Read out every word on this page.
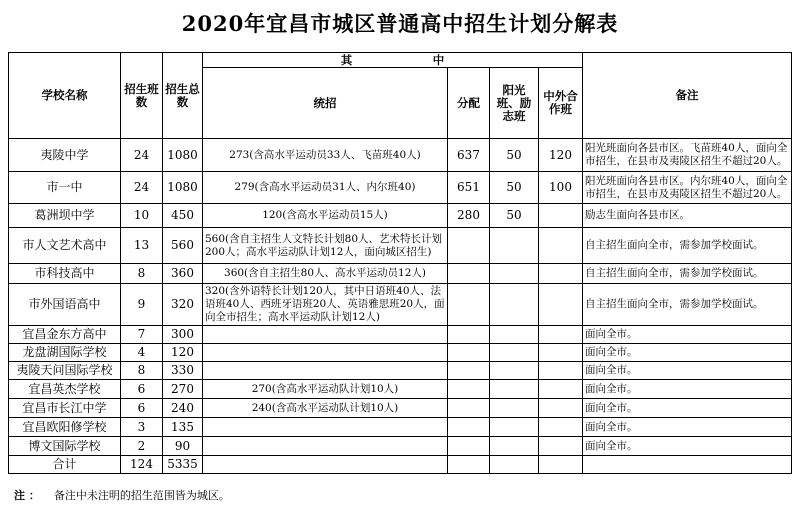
2020年宜昌市城区普通高中招生计划分解表
学校名称	招生班数	招生总数	其　　　　　　　中				备注
			统招	分配	阳光班、励志班	中外合作班	
夷陵中学	24	1080	273(含高水平运动员33人、飞苗班40人)	637	50	120	阳光班面向各县市区。飞苗班40人，面向全市招生，在县市及夷陵区招生不超过20人。
市一中	24	1080	279(含高水平运动员31人、内尔班40)	651	50	100	阳光班面向各县市区。内尔班40人，面向全市招生，在县市及夷陵区招生不超过20人。
葛洲坝中学	10	450	120(含高水平运动员15人)	280	50		励志生面向各县市区。
市人文艺术高中	13	560	560(含自主招生人文特长计划80人、艺术特长计划200人；高水平运动队计划12人，面向城区招生)				自主招生面向全市，需参加学校面试。
市科技高中	8	360	360(含自主招生80人、高水平运动员12人)				自主招生面向全市，需参加学校面试。
市外国语高中	9	320	320(含外语特长计划120人，其中日语班40人、法语班40人、西班牙语班20人、英语雅思班20人，面向全市招生；高水平运动队计划12人)				自主招生面向全市，需参加学校面试。
宜昌金东方高中	7	300					面向全市。
龙盘湖国际学校	4	120					面向全市。
夷陵天问国际学校	8	330					面向全市。
宜昌英杰学校	6	270	270(含高水平运动队计划10人)				面向全市。
宜昌市长江中学	6	240	240(含高水平运动队计划10人)				面向全市。
宜昌欧阳修学校	3	135					面向全市。
博文国际学校	2	90					面向全市。
合计	124	5335					
注 ： 备注中未注明的招生范围皆为城区。
